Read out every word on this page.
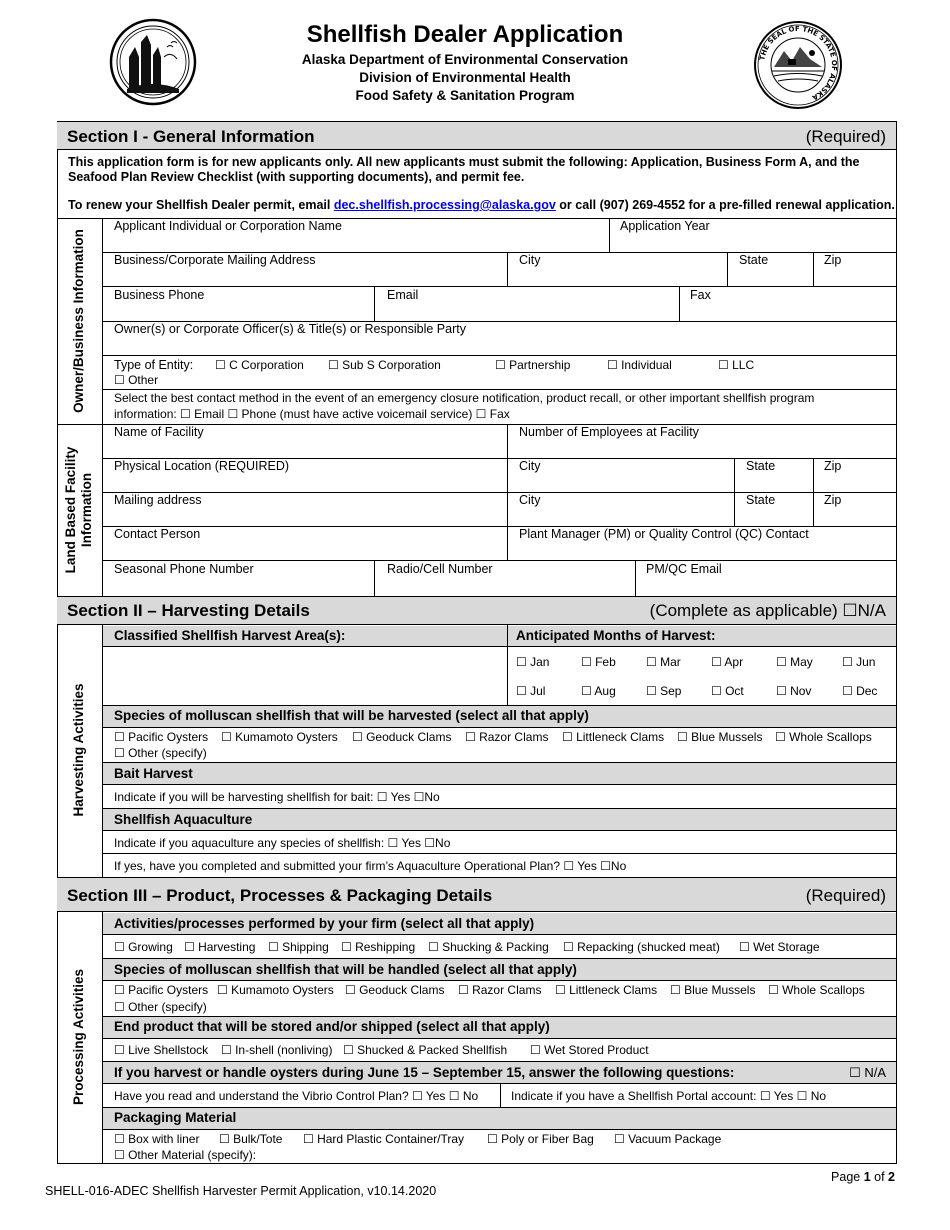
THE SEAL OF THE STATE OF ALASKA
Shellfish Dealer Application
Alaska Department of Environmental Conservation
Division of Environmental Health
Food Safety & Sanitation Program
Section I - General Information	(Required)
This application form is for new applicants only. All new applicants must submit the following: Application, Business Form A, and the Seafood Plan Review Checklist (with supporting documents), and permit fee.
To renew your Shellfish Dealer permit, email dec.shellfish.processing@alaska.gov or call (907) 269-4552 for a pre-filled renewal application.
Owner/Business Information
Applicant Individual or Corporation Name	Application Year
Business/Corporate Mailing Address	City	State	Zip
Business Phone	Email	Fax
Owner(s) or Corporate Officer(s) & Title(s) or Responsible Party
Type of Entity: ☐ C Corporation ☐ Sub S Corporation	☐ Partnership	☐ Individual	☐ LLC
☐ Other
Select the best contact method in the event of an emergency closure notification, product recall, or other important shellfish program
information: ☐ Email ☐ Phone (must have active voicemail service) ☐ Fax
Land Based Facility Information
Name of Facility	Number of Employees at Facility
Physical Location (REQUIRED)	City	State	Zip
Mailing address	City	State	Zip
Contact Person	Plant Manager (PM) or Quality Control (QC) Contact
Seasonal Phone Number	Radio/Cell Number	PM/QC Email
Section II – Harvesting Details	(Complete as applicable) ☐N/A
Harvesting Activities
Classified Shellfish Harvest Area(s):	Anticipated Months of Harvest:
☐ Jan	☐ Feb	☐ Mar	☐ Apr	☐ May ☐ Jun
☐ Jul	☐ Aug	☐ Sep ☐ Oct	☐ Nov	☐ Dec
Species of molluscan shellfish that will be harvested (select all that apply)
☐ Pacific Oysters ☐ Kumamoto Oysters ☐ Geoduck Clams ☐ Razor Clams ☐ Littleneck Clams ☐ Blue Mussels ☐ Whole Scallops
☐ Other (specify)
Bait Harvest
Indicate if you will be harvesting shellfish for bait: ☐ Yes ☐No
Shellfish Aquaculture
Indicate if you aquaculture any species of shellfish: ☐ Yes ☐No
If yes, have you completed and submitted your firm’s Aquaculture Operational Plan? ☐ Yes ☐No
Section III – Product, Processes & Packaging Details	(Required)
Processing Activities
Activities/processes performed by your firm (select all that apply)
☐ Growing ☐ Harvesting ☐ Shipping ☐ Reshipping ☐ Shucking & Packing ☐ Repacking (shucked meat) ☐ Wet Storage
Species of molluscan shellfish that will be handled (select all that apply)
☐ Pacific Oysters ☐ Kumamoto Oysters ☐ Geoduck Clams ☐ Razor Clams ☐ Littleneck Clams ☐ Blue Mussels ☐ Whole Scallops
☐ Other (specify)
End product that will be stored and/or shipped (select all that apply)
☐ Live Shellstock ☐ In-shell (nonliving) ☐ Shucked & Packed Shellfish ☐ Wet Stored Product
If you harvest or handle oysters during June 15 – September 15, answer the following questions:	☐ N/A
Have you read and understand the Vibrio Control Plan? ☐ Yes ☐ No	Indicate if you have a Shellfish Portal account: ☐ Yes ☐ No
Packaging Material
☐ Box with liner ☐ Bulk/Tote ☐ Hard Plastic Container/Tray ☐ Poly or Fiber Bag ☐ Vacuum Package
☐ Other Material (specify):
Page 1 of 2
SHELL-016-ADEC Shellfish Harvester Permit Application, v10.14.2020
